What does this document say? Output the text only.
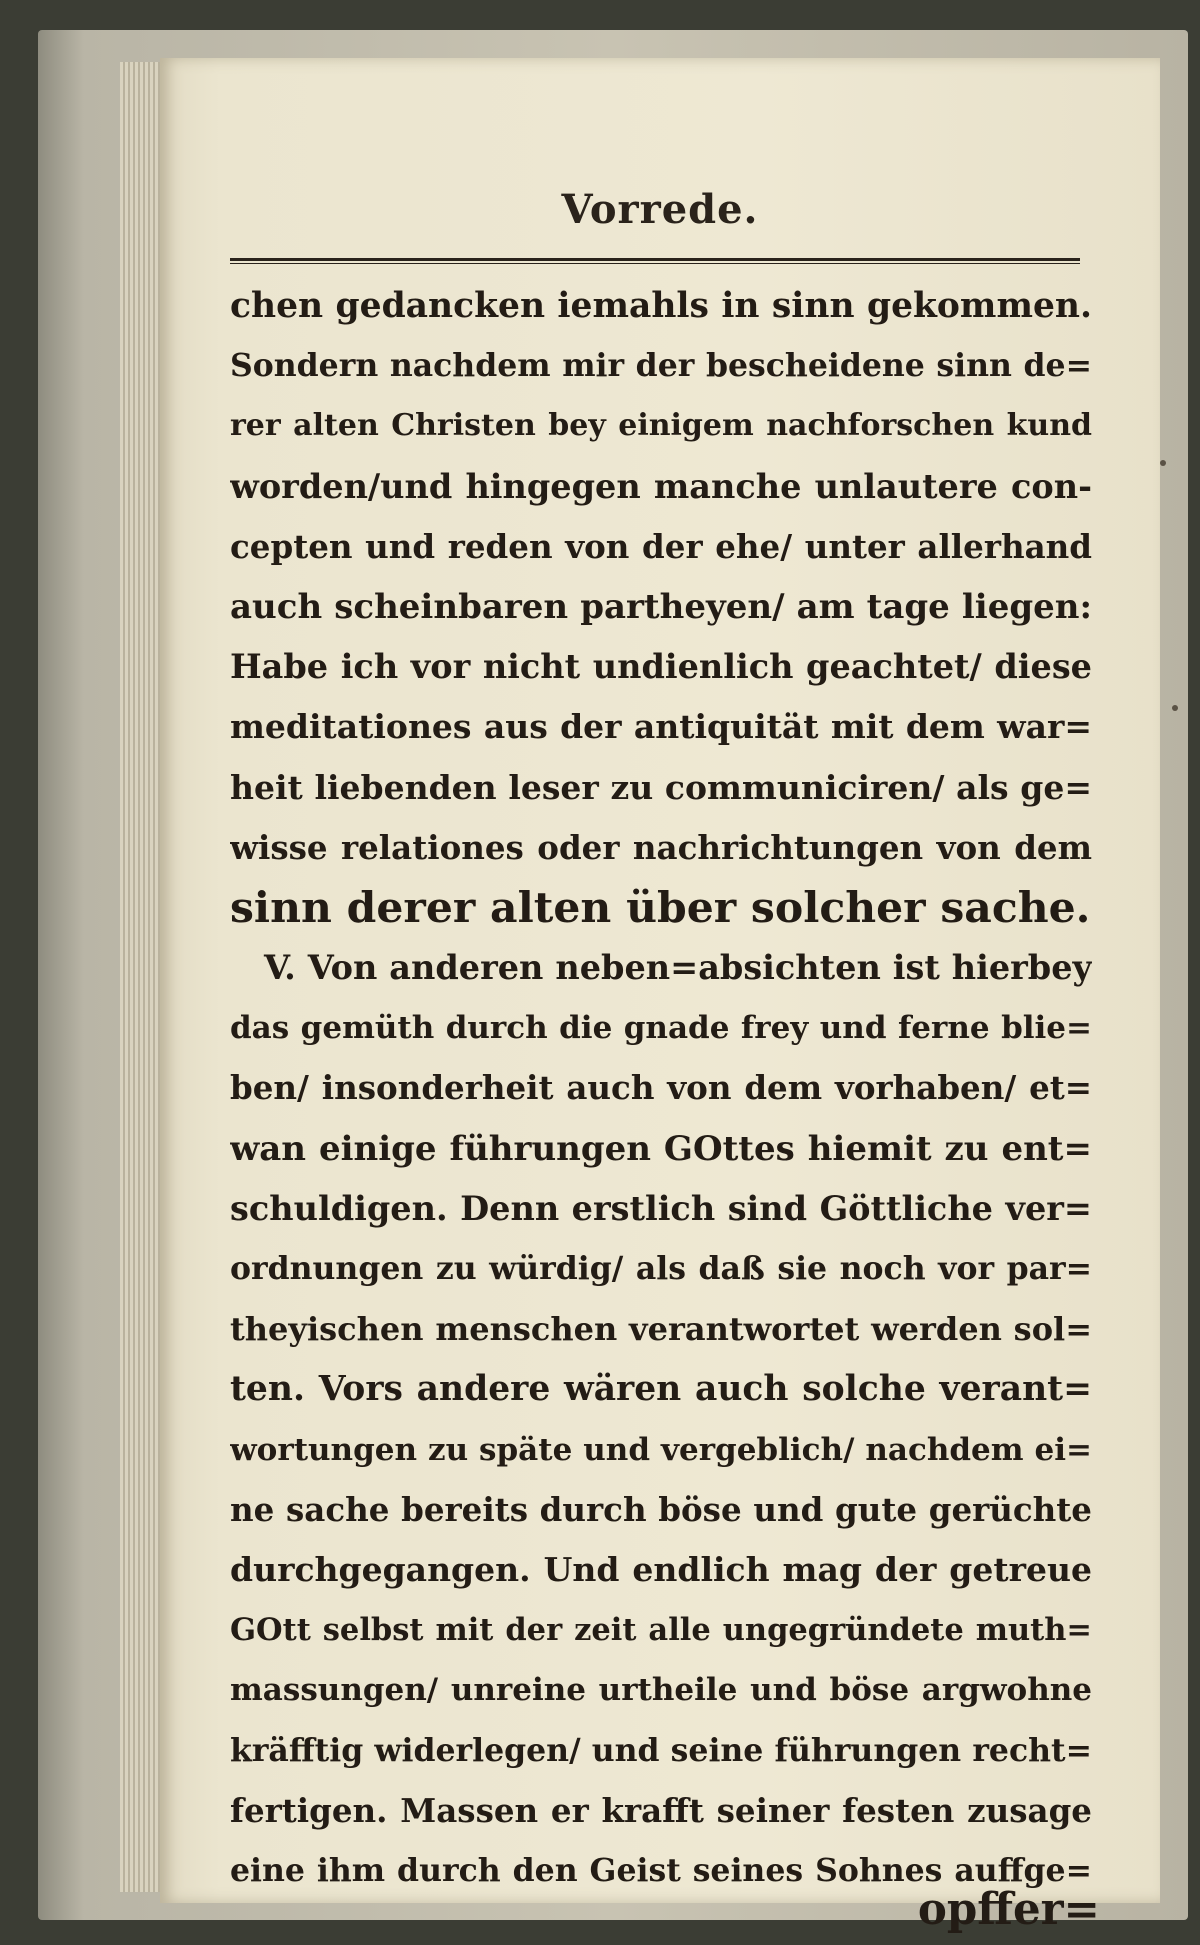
Vorrede.
chen gedancken iemahls in sinn gekommen.
Sondern nachdem mir der bescheidene sinn de=
rer alten Christen bey einigem nachforschen kund
worden/und hingegen manche unlautere con-
cepten und reden von der ehe/ unter allerhand
auch scheinbaren partheyen/ am tage liegen:
Habe ich vor nicht undienlich geachtet/ diese
meditationes aus der antiquität mit dem war=
heit liebenden leser zu communiciren/ als ge=
wisse relationes oder nachrichtungen von dem
sinn derer alten über solcher sache.
V. Von anderen neben=absichten ist hierbey
das gemüth durch die gnade frey und ferne blie=
ben/ insonderheit auch von dem vorhaben/ et=
wan einige führungen GOttes hiemit zu ent=
schuldigen. Denn erstlich sind Göttliche ver=
ordnungen zu würdig/ als daß sie noch vor par=
theyischen menschen verantwortet werden sol=
ten. Vors andere wären auch solche verant=
wortungen zu späte und vergeblich/ nachdem ei=
ne sache bereits durch böse und gute gerüchte
durchgegangen. Und endlich mag der getreue
GOtt selbst mit der zeit alle ungegründete muth=
massungen/ unreine urtheile und böse argwohne
kräfftig widerlegen/ und seine führungen recht=
fertigen. Massen er krafft seiner festen zusage
eine ihm durch den Geist seines Sohnes auffge=
opffer=
